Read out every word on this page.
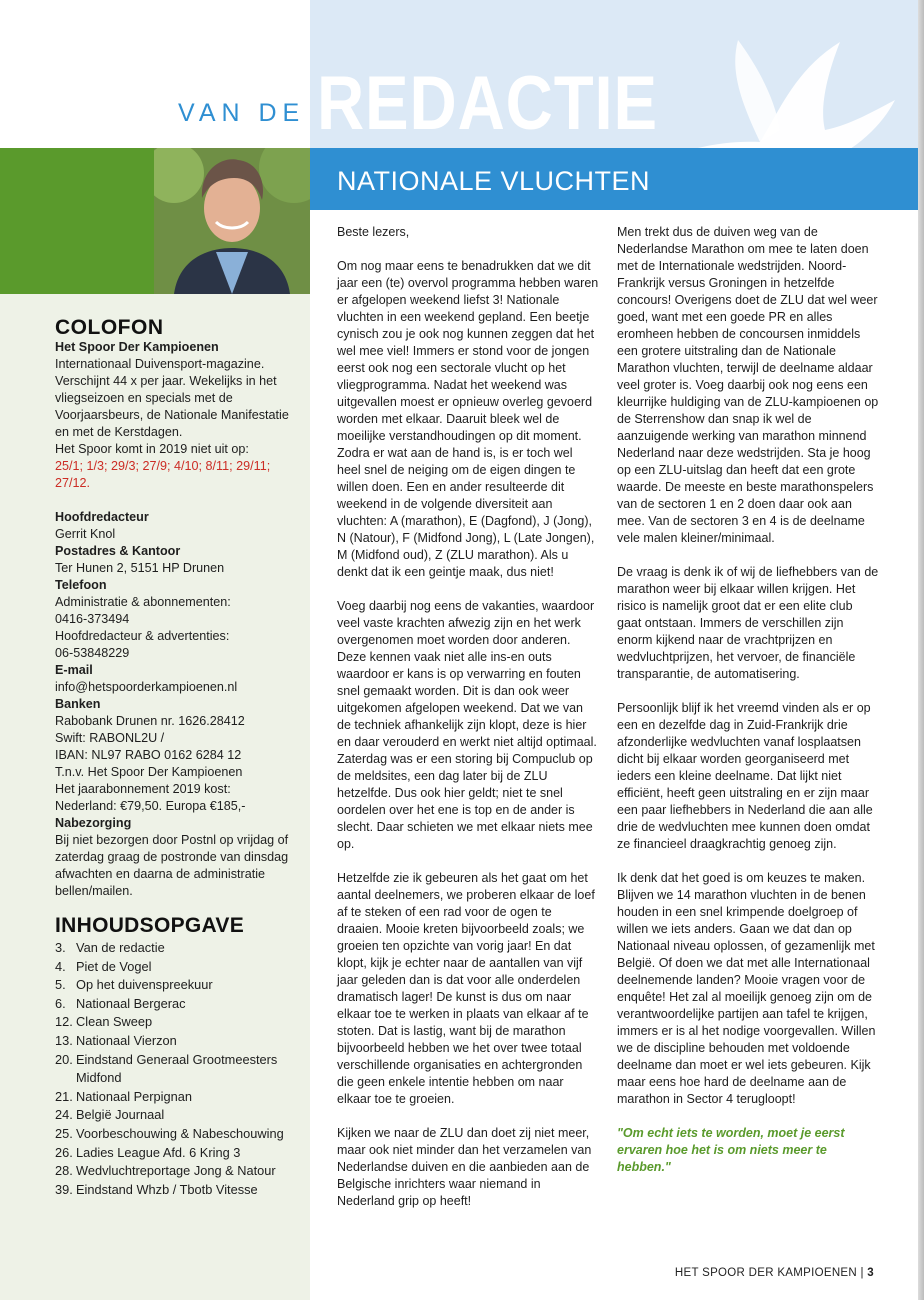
VAN DE REDACTIE
NATIONALE VLUCHTEN
COLOFON
Het Spoor Der Kampioenen
Internationaal Duivensport-magazine. Verschijnt 44 x per jaar. Wekelijks in het vliegseizoen en specials met de Voorjaarsbeurs, de Nationale Manifestatie en met de Kerstdagen.
Het Spoor komt in 2019 niet uit op:
25/1; 1/3; 29/3; 27/9; 4/10; 8/11; 29/11; 27/12.
Hoofdredacteur
Gerrit Knol
Postadres & Kantoor
Ter Hunen 2, 5151 HP Drunen
Telefoon
Administratie & abonnementen:
0416-373494
Hoofdredacteur & advertenties:
06-53848229
E-mail
info@hetspoorderkampioenen.nl
Banken
Rabobank Drunen nr. 1626.28412
Swift: RABONL2U /
IBAN: NL97 RABO 0162 6284 12
T.n.v. Het Spoor Der Kampioenen
Het jaarabonnement 2019 kost:
Nederland: €79,50. Europa €185,-
Nabezorging
Bij niet bezorgen door Postnl op vrijdag of zaterdag graag de postronde van dinsdag afwachten en daarna de administratie bellen/mailen.
INHOUDSOPGAVE
3. Van de redactie
4. Piet de Vogel
5. Op het duivenspreekuur
6. Nationaal Bergerac
12. Clean Sweep
13. Nationaal Vierzon
20. Eindstand Generaal Grootmeesters Midfond
21. Nationaal Perpignan
24. België Journaal
25. Voorbeschouwing & Nabeschouwing
26. Ladies League Afd. 6 Kring 3
28. Wedvluchtreportage Jong & Natour
39. Eindstand Whzb / Tbotb Vitesse

Beste lezers,

Om nog maar eens te benadrukken dat we dit jaar een (te) overvol programma hebben waren er afgelopen weekend liefst 3! Nationale vluchten in een weekend gepland. Een beetje cynisch zou je ook nog kunnen zeggen dat het wel mee viel! Immers er stond voor de jongen eerst ook nog een sectorale vlucht op het vliegprogramma. Nadat het weekend was uitgevallen moest er opnieuw overleg gevoerd worden met elkaar. Daaruit bleek wel de moeilijke verstandhoudingen op dit moment. Zodra er wat aan de hand is, is er toch wel heel snel de neiging om de eigen dingen te willen doen. Een en ander resulteerde dit weekend in de volgende diversiteit aan vluchten: A (marathon), E (Dagfond), J (Jong), N (Natour), F (Midfond Jong), L (Late Jongen), M (Midfond oud), Z (ZLU marathon). Als u denkt dat ik een geintje maak, dus niet!

Voeg daarbij nog eens de vakanties, waardoor veel vaste krachten afwezig zijn en het werk overgenomen moet worden door anderen. Deze kennen vaak niet alle ins-en outs waardoor er kans is op verwarring en fouten snel gemaakt worden. Dit is dan ook weer uitgekomen afgelopen weekend. Dat we van de techniek afhankelijk zijn klopt, deze is hier en daar verouderd en werkt niet altijd optimaal. Zaterdag was er een storing bij Compuclub op de meldsites, een dag later bij de ZLU hetzelfde. Dus ook hier geldt; niet te snel oordelen over het ene is top en de ander is slecht. Daar schieten we met elkaar niets mee op.

Hetzelfde zie ik gebeuren als het gaat om het aantal deelnemers, we proberen elkaar de loef af te steken of een rad voor de ogen te draaien. Mooie kreten bijvoorbeeld zoals; we groeien ten opzichte van vorig jaar! En dat klopt, kijk je echter naar de aantallen van vijf jaar geleden dan is dat voor alle onderdelen dramatisch lager! De kunst is dus om naar elkaar toe te werken in plaats van elkaar af te stoten. Dat is lastig, want bij de marathon bijvoorbeeld hebben we het over twee totaal verschillende organisaties en achtergronden die geen enkele intentie hebben om naar elkaar toe te groeien.

Kijken we naar de ZLU dan doet zij niet meer, maar ook niet minder dan het verzamelen van Nederlandse duiven en die aanbieden aan de Belgische inrichters waar niemand in Nederland grip op heeft!

Men trekt dus de duiven weg van de Nederlandse Marathon om mee te laten doen met de Internationale wedstrijden. Noord-Frankrijk versus Groningen in hetzelfde concours! Overigens doet de ZLU dat wel weer goed, want met een goede PR en alles eromheen hebben de concoursen inmiddels een grotere uitstraling dan de Nationale Marathon vluchten, terwijl de deelname aldaar veel groter is. Voeg daarbij ook nog eens een kleurrijke huldiging van de ZLU-kampioenen op de Sterrenshow dan snap ik wel de aanzuigende werking van marathon minnend Nederland naar deze wedstrijden. Sta je hoog op een ZLU-uitslag dan heeft dat een grote waarde. De meeste en beste marathonspelers van de sectoren 1 en 2 doen daar ook aan mee. Van de sectoren 3 en 4 is de deelname vele malen kleiner/minimaal.

De vraag is denk ik of wij de liefhebbers van de marathon weer bij elkaar willen krijgen. Het risico is namelijk groot dat er een elite club gaat ontstaan. Immers de verschillen zijn enorm kijkend naar de vrachtprijzen en wedvluchtprijzen, het vervoer, de financiële transparantie, de automatisering.

Persoonlijk blijf ik het vreemd vinden als er op een en dezelfde dag in Zuid-Frankrijk drie afzonderlijke wedvluchten vanaf losplaatsen dicht bij elkaar worden georganiseerd met ieders een kleine deelname. Dat lijkt niet efficiënt, heeft geen uitstraling en er zijn maar een paar liefhebbers in Nederland die aan alle drie de wedvluchten mee kunnen doen omdat ze financieel draagkrachtig genoeg zijn.

Ik denk dat het goed is om keuzes te maken. Blijven we 14 marathon vluchten in de benen houden in een snel krimpende doelgroep of willen we iets anders. Gaan we dat dan op Nationaal niveau oplossen, of gezamenlijk met België. Of doen we dat met alle Internationaal deelnemende landen? Mooie vragen voor de enquête! Het zal al moeilijk genoeg zijn om de verantwoordelijke partijen aan tafel te krijgen, immers er is al het nodige voorgevallen. Willen we de discipline behouden met voldoende deelname dan moet er wel iets gebeuren. Kijk maar eens hoe hard de deelname aan de marathon in Sector 4 terugloopt!

"Om echt iets te worden, moet je eerst ervaren hoe het is om niets meer te hebben."

HET SPOOR DER KAMPIOENEN | 3
